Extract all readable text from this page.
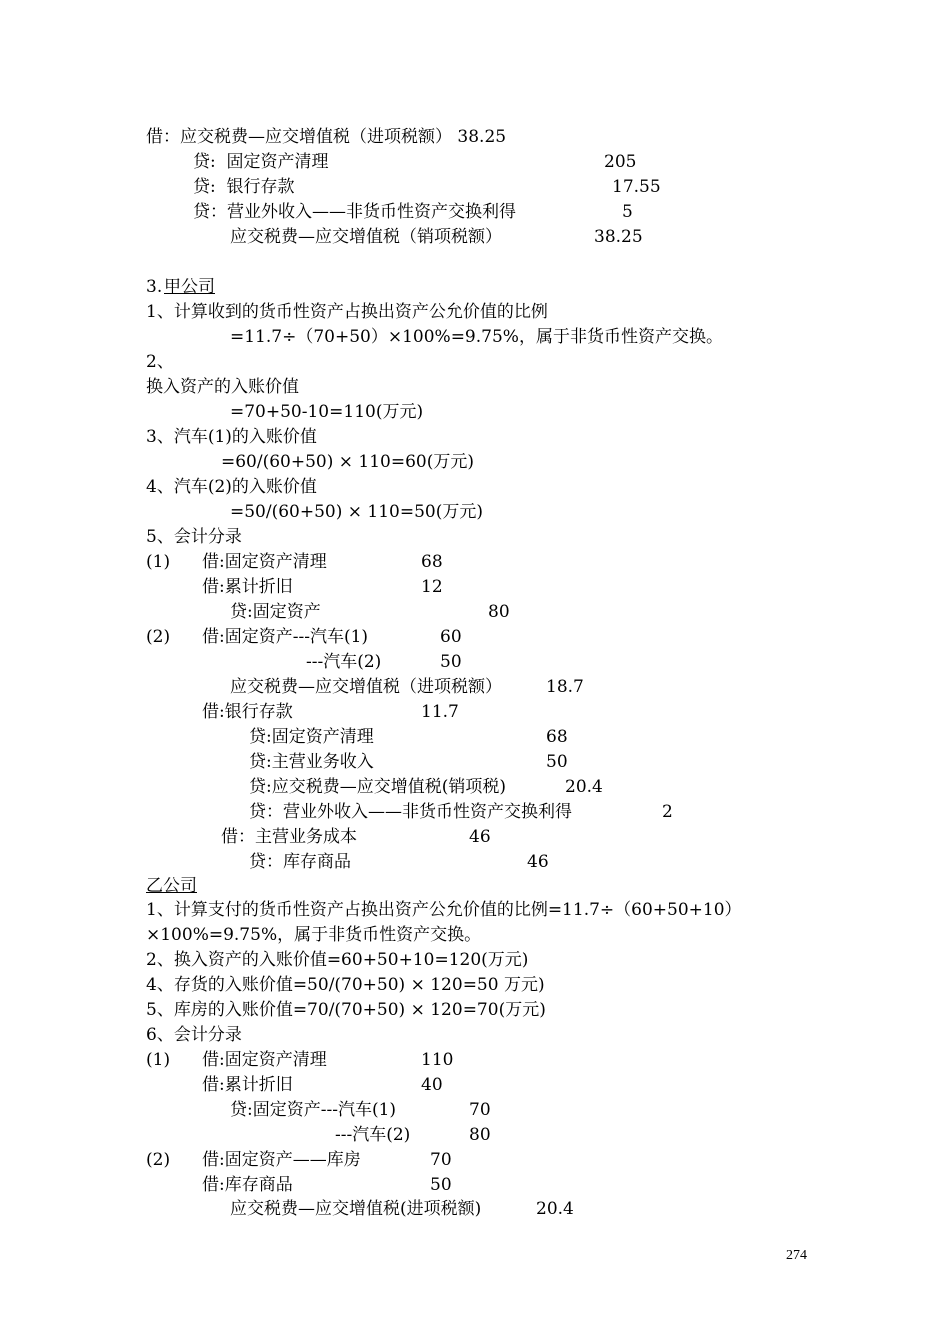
借：应交税费—应交增值税（进项税额） 38.25
贷:  固定资产清理	205
贷:  银行存款	17.55
贷：营业外收入——非货币性资产交换利得	5
应交税费—应交增值税（销项税额）	38.25
3. 甲公司
1、计算收到的货币性资产占换出资产公允价值的比例
=11.7÷（70+50）×100%=9.75%，属于非货币性资产交换。
2、
换入资产的入账价值
=70+50-10=110(万元)
3、汽车(1)的入账价值
=60/(60+50) × 110=60(万元)
4、汽车(2)的入账价值
=50/(60+50) × 110=50(万元)
5、会计分录
(1) 借:固定资产清理	68
借:累计折旧	12
贷:固定资产	80
(2) 借:固定资产---汽车(1)	60
---汽车(2)	50
应交税费—应交增值税（进项税额）	18.7
借:银行存款	11.7
贷:固定资产清理	68
贷:主营业务收入	50
贷:应交税费—应交增值税(销项税)	20.4
贷：营业外收入——非货币性资产交换利得	2
借：主营业务成本	46
贷：库存商品	46
乙公司
1、计算支付的货币性资产占换出资产公允价值的比例=11.7÷（60+50+10）
×100%=9.75%，属于非货币性资产交换。
2、换入资产的入账价值=60+50+10=120(万元)
4、存货的入账价值=50/(70+50) × 120=50 万元)
5、库房的入账价值=70/(70+50) × 120=70(万元)
6、会计分录
(1) 借:固定资产清理	110
借:累计折旧	40
贷:固定资产---汽车(1)	70
---汽车(2)	80
(2) 借:固定资产——库房	70
借:库存商品	50
应交税费—应交增值税(进项税额)	20.4
274
